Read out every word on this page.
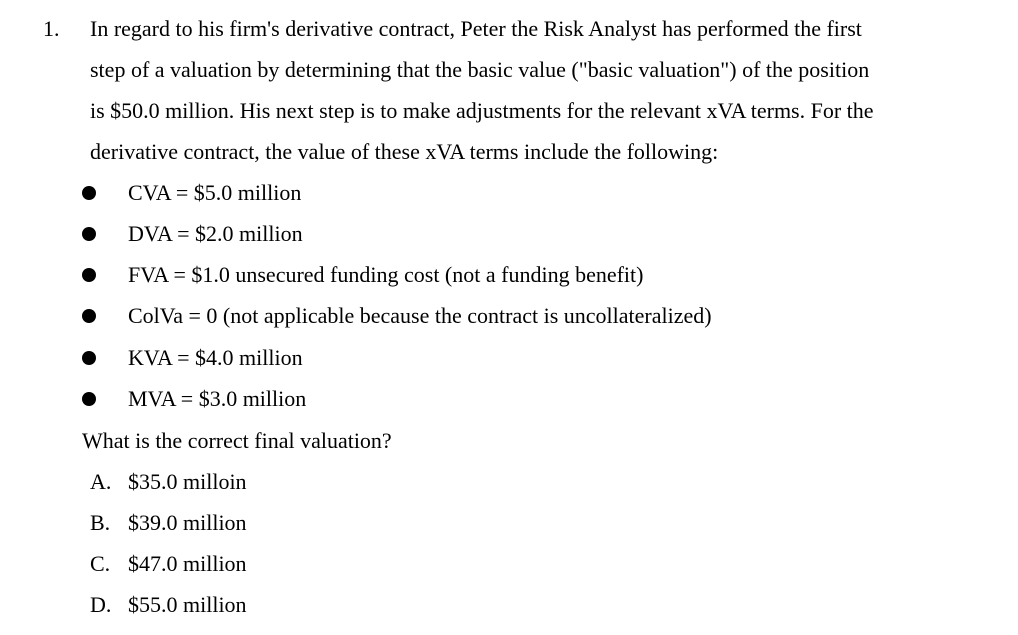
1. In regard to his firm's derivative contract, Peter the Risk Analyst has performed the first
step of a valuation by determining that the basic value ("basic valuation") of the position
is $50.0 million. His next step is to make adjustments for the relevant xVA terms. For the
derivative contract, the value of these xVA terms include the following:
CVA = $5.0 million
DVA = $2.0 million
FVA = $1.0 unsecured funding cost (not a funding benefit)
ColVa = 0 (not applicable because the contract is uncollateralized)
KVA = $4.0 million
MVA = $3.0 million
What is the correct final valuation?
A. $35.0 milloin
B. $39.0 million
C. $47.0 million
D. $55.0 million
